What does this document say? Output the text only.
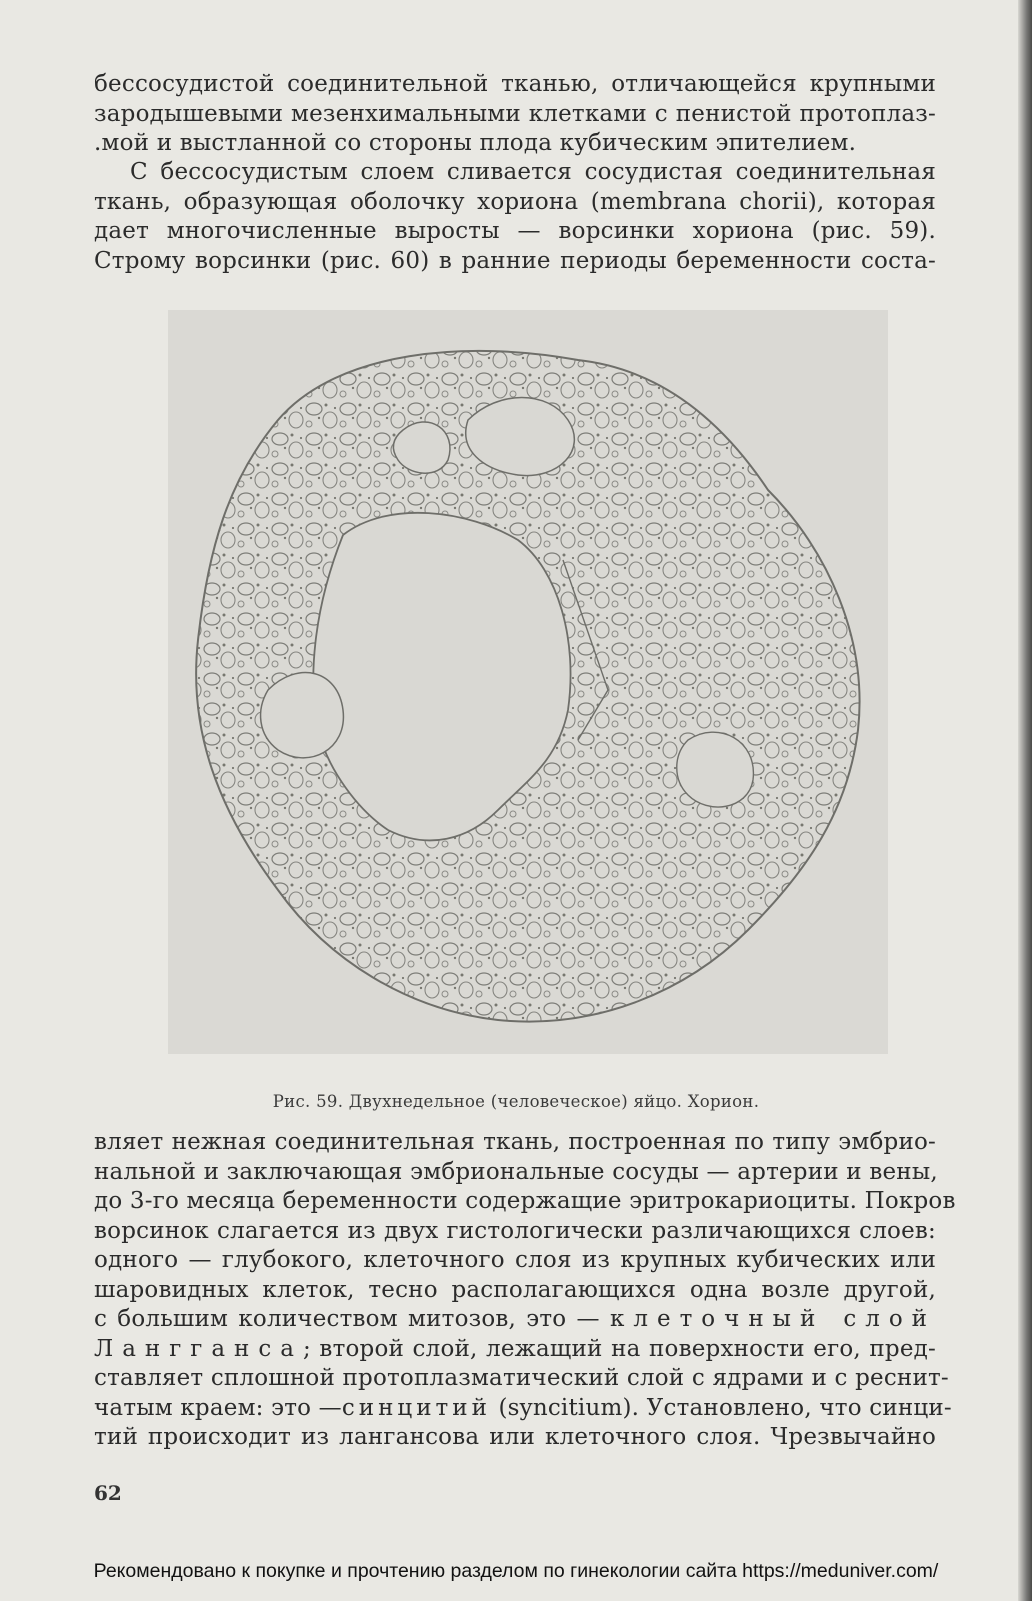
бессосудистой соединительной тканью, отличающейся крупными
зародышевыми мезенхимальными клетками с пенистой протоплаз-
.мой и выстланной со стороны плода кубическим эпителием.
С бессосудистым слоем сливается сосудистая соединительная
ткань, образующая оболочку хориона (membrana chorii), которая
дает многочисленные выросты — ворсинки хориона (рис. 59).
Строму ворсинки (рис. 60) в ранние периоды беременности соста-
Рис. 59. Двухнедельное (человеческое) яйцо. Хорион.
вляет нежная соединительная ткань, построенная по типу эмбрио-
нальной и заключающая эмбриональные сосуды — артерии и вены,
до 3-го месяца беременности содержащие эритрокариоциты. Покров
ворсинок слагается из двух гистологически различающихся слоев:
одного — глубокого, клеточного слоя из крупных кубических или
шаровидных клеток, тесно располагающихся одна возле другой,
с большим количеством митозов, это — клеточный слой
Лангганса; второй слой, лежащий на поверхности его, пред-
ставляет сплошной протоплазматический слой с ядрами и с реснит-
чатым краем: это —синцитий (syncitium). Установлено, что синци-
тий происходит из лангансова или клеточного слоя. Чрезвычайно
62
Рекомендовано к покупке и прочтению разделом по гинекологии сайта https://meduniver.com/
